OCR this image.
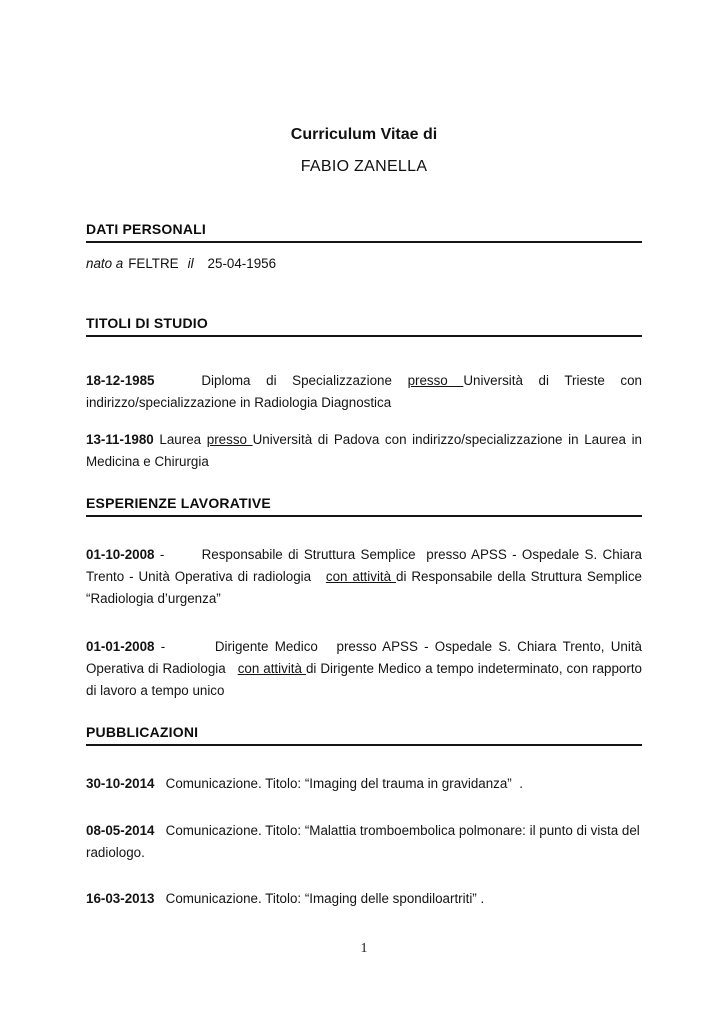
Curriculum Vitae di
FABIO ZANELLA
DATI PERSONALI

nato a FELTRE il 25-04-1956

TITOLI DI STUDIO

18-12-1985   Diploma di Specializzazione presso Università di Trieste con indirizzo/specializzazione in Radiologia Diagnostica

13-11-1980 Laurea presso Università di Padova con indirizzo/specializzazione in Laurea in Medicina e Chirurgia

ESPERIENZE LAVORATIVE

01-10-2008 -       Responsabile di Struttura Semplice  presso APSS - Ospedale S. Chiara Trento - Unità Operativa di radiologia   con attività di Responsabile della Struttura Semplice “Radiologia d’urgenza”

01-01-2008 -        Dirigente Medico   presso APSS - Ospedale S. Chiara Trento, Unità Operativa di Radiologia   con attività di Dirigente Medico a tempo indeterminato, con rapporto di lavoro a tempo unico

PUBBLICAZIONI

30-10-2014   Comunicazione. Titolo: “Imaging del trauma in gravidanza”  .

08-05-2014   Comunicazione. Titolo: “Malattia tromboembolica polmonare: il punto di vista del radiologo.

16-03-2013   Comunicazione. Titolo: “Imaging delle spondiloartriti” .

1
